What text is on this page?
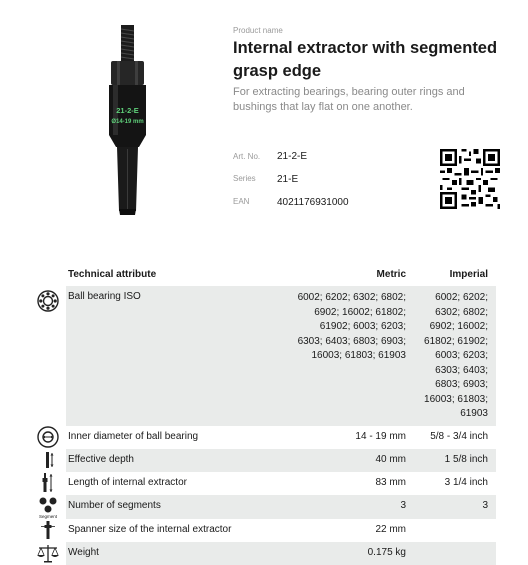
21-2-E
Ø14-19 mm
Product name
Internal extractor with segmented grasp edge
For extracting bearings, bearing outer rings and bushings that lay flat on one another.
Art. No. 21-2-E
Series 21-E
EAN	4021176931000
	Technical attribute	Metric	Imperial

	Ball bearing ISO	6002; 6202; 6302; 6802; 6902; 16002; 61802; 61902; 6003; 6203; 6303; 6403; 6803; 6903; 16003; 61803; 61903	6002; 6202; 6302; 6802; 6902; 16002; 61802; 61902; 6003; 6203; 6303; 6403; 6803; 6903; 16003; 61803; 61903

	Inner diameter of ball bearing	14 - 19 mm	5/8 - 3/4 inch

	Effective depth	40 mm	1 5/8 inch

	Length of internal extractor	83 mm	3 1/4 inch

Segment	Number of segments	3	3

	Spanner size of the internal extractor	22 mm	

	Weight	0.175 kg	
